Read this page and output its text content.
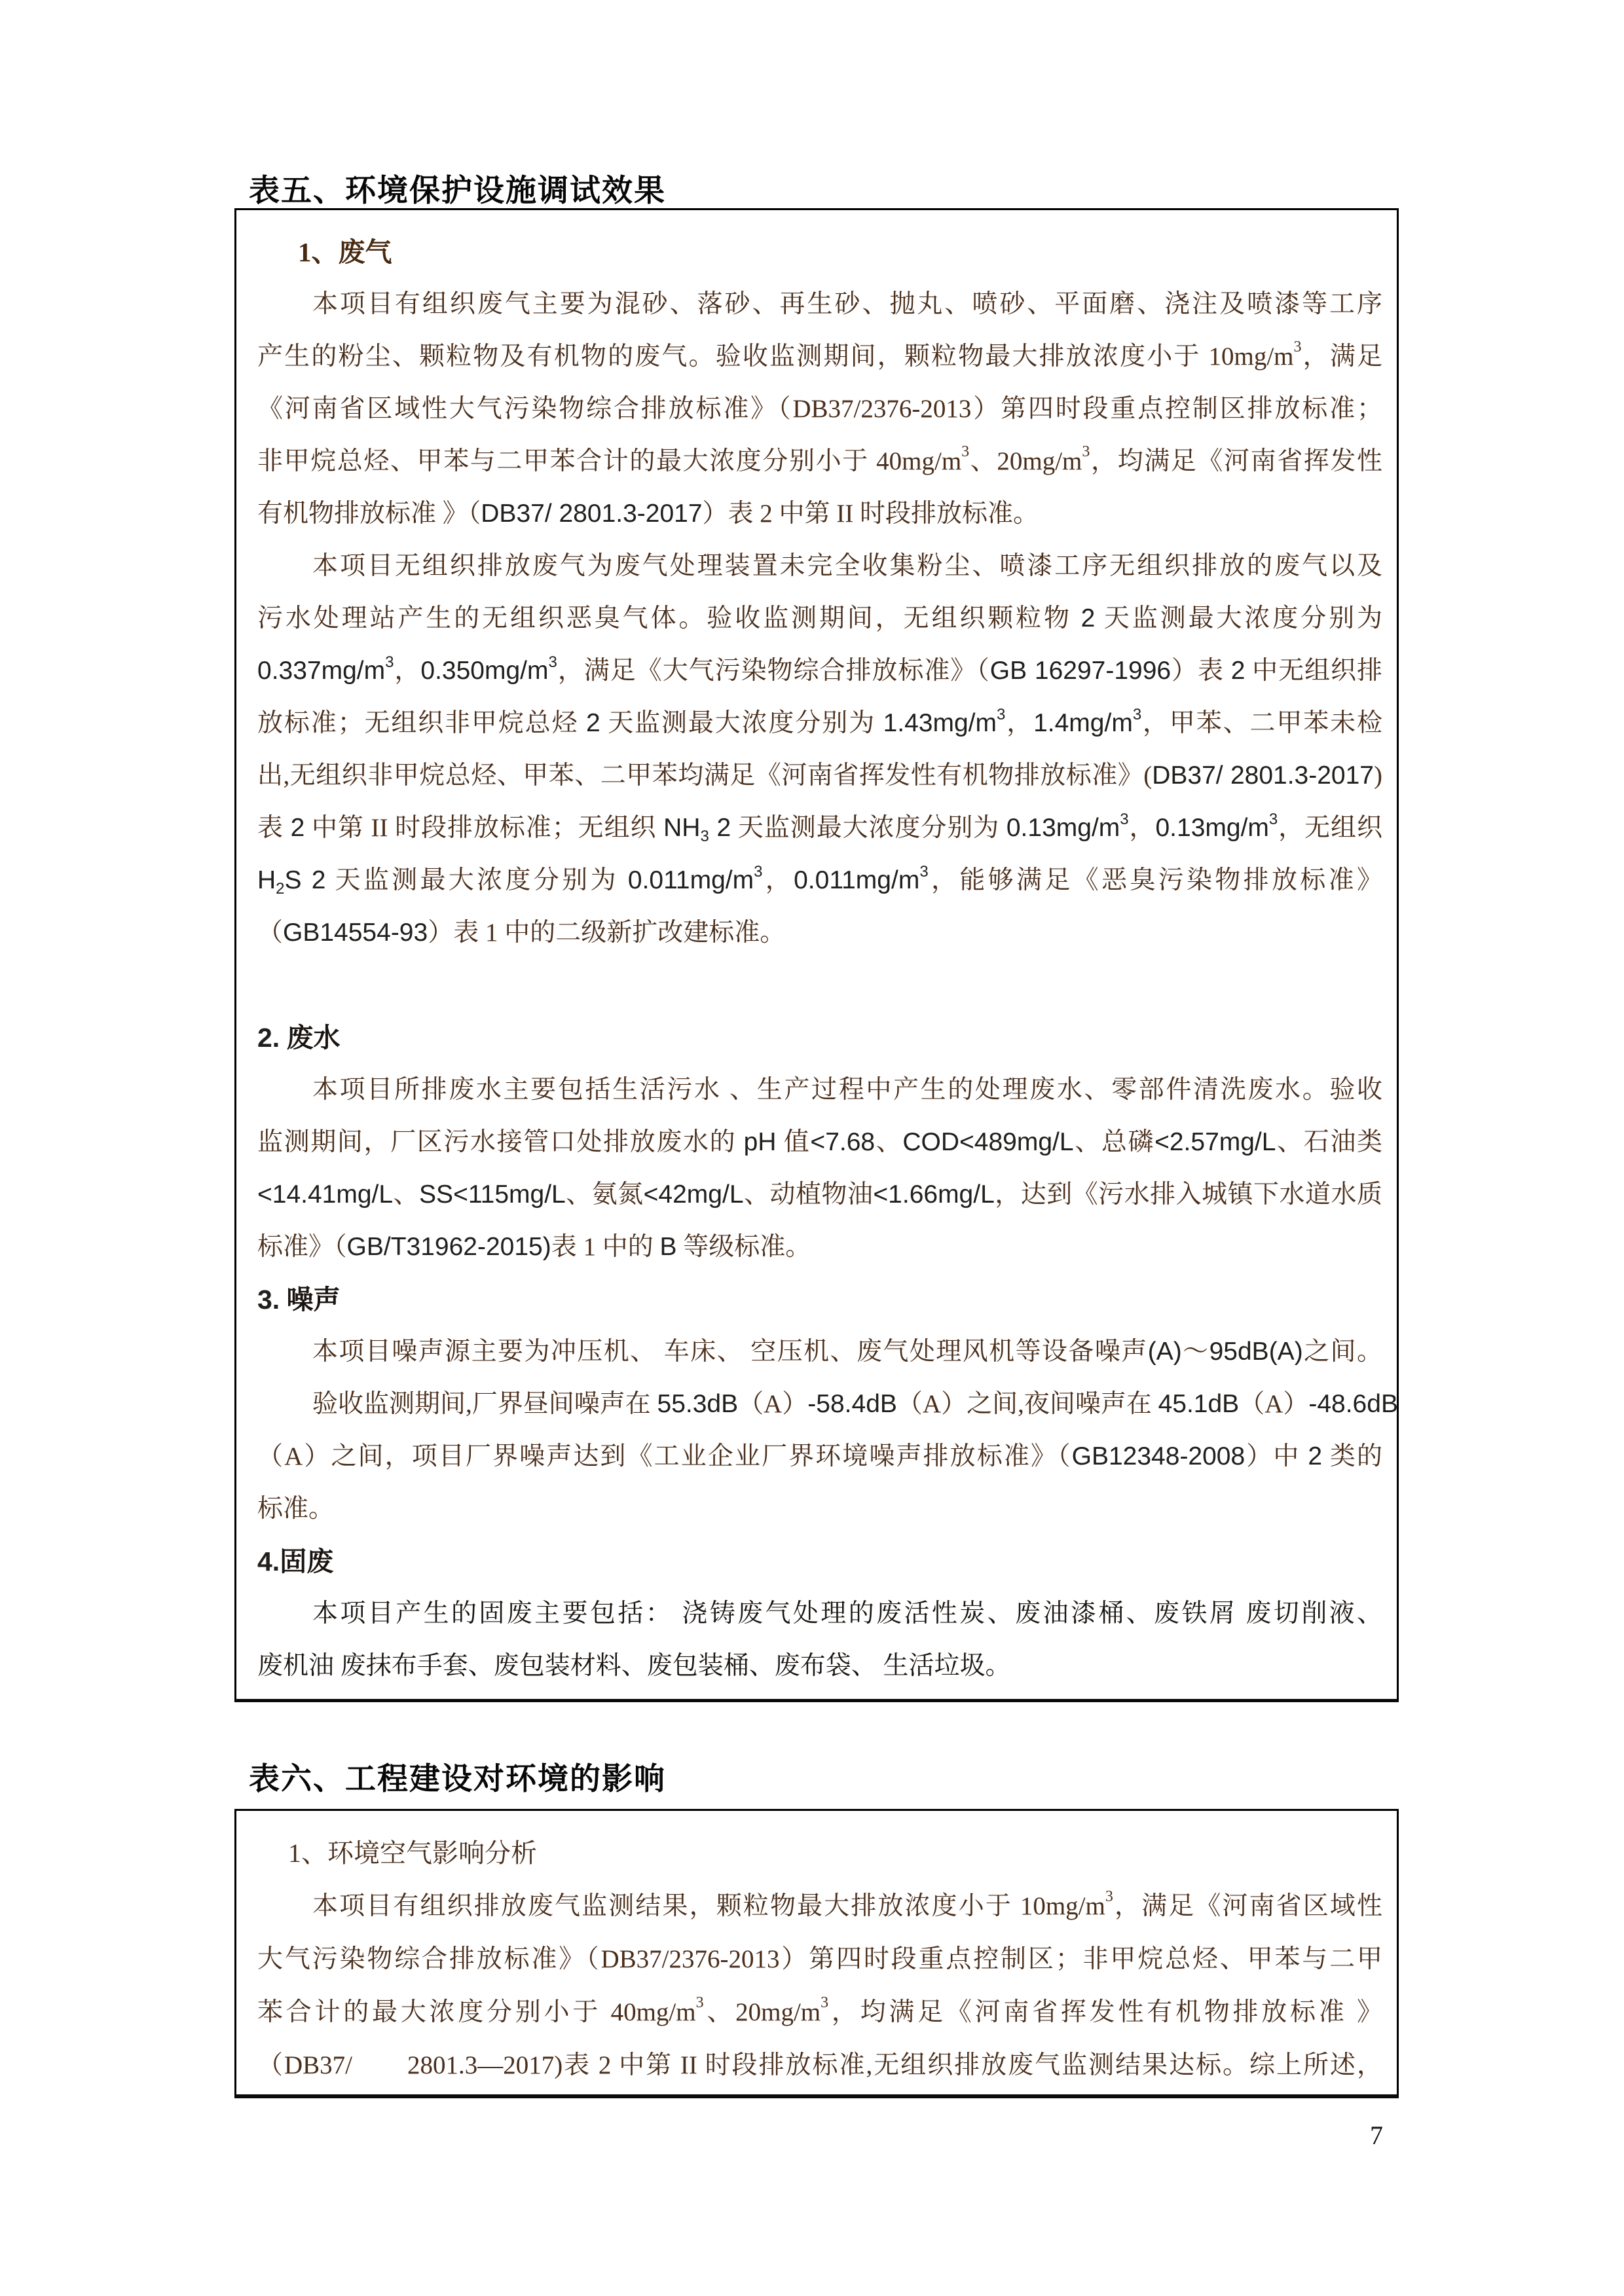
表五、环境保护设施调试效果
1、废气
本项目有组织废气主要为混砂、落砂、再生砂、抛丸、喷砂、平面磨、浇注及喷漆等工序
产生的粉尘、颗粒物及有机物的废气。验收监测期间，颗粒物最大排放浓度小于 $10mg/m^3$，满足
《河南省区域性大气污染物综合排放标准》（DB37/2376-2013）第四时段重点控制区排放标准；
非甲烷总烃、甲苯与二甲苯合计的最大浓度分别小于 $40mg/m^3$、$20mg/m^3$，均满足《河南省挥发性
有机物排放标准 》（DB37/ 2801.3-2017）表 2 中第 II 时段排放标准。
本项目无组织排放废气为废气处理装置未完全收集粉尘、喷漆工序无组织排放的废气以及
污水处理站产生的无组织恶臭气体。验收监测期间，无组织颗粒物 2 天监测最大浓度分别为
$0.337mg/m^3$，$0.350mg/m^3$，满足《大气污染物综合排放标准》（GB 16297-1996）表 2 中无组织排
放标准；无组织非甲烷总烃 2 天监测最大浓度分别为 $1.43mg/m^3$，$1.4mg/m^3$，甲苯、二甲苯未检
出,无组织非甲烷总烃、甲苯、二甲苯均满足《河南省挥发性有机物排放标准》(DB37/ 2801.3-2017)
表 2 中第 II 时段排放标准；无组织 $NH_3$ 2 天监测最大浓度分别为 $0.13mg/m^3$，$0.13mg/m^3$，无组织
$H_2S$ 2 天监测最大浓度分别为 $0.011mg/m^3$，$0.011mg/m^3$，能够满足《恶臭污染物排放标准》
（GB14554-93）表 1 中的二级新扩改建标准。
2. 废水
本项目所排废水主要包括生活污水 、生产过程中产生的处理废水、零部件清洗废水。验收
监测期间，厂区污水接管口处排放废水的 pH 值<7.68、COD<489mg/L、总磷<2.57mg/L、石油类
<14.41mg/L、SS<115mg/L、氨氮<42mg/L、动植物油<1.66mg/L，达到《污水排入城镇下水道水质
标准》（GB/T31962-2015)表 1 中的 B 等级标准。
3. 噪声
本项目噪声源主要为冲压机、 车床、 空压机、废气处理风机等设备噪声(A)～95dB(A)之间。
验收监测期间,厂界昼间噪声在 55.3dB（A）-58.4dB（A）之间,夜间噪声在 45.1dB（A）-48.6dB
（A）之间，项目厂界噪声达到《工业企业厂界环境噪声排放标准》（GB12348-2008）中 2 类的
标准。
4.固废
本项目产生的固废主要包括： 浇铸废气处理的废活性炭、废油漆桶、废铁屑 废切削液、
废机油 废抹布手套、废包装材料、废包装桶、废布袋、 生活垃圾。
表六、工程建设对环境的影响
1、环境空气影响分析
本项目有组织排放废气监测结果，颗粒物最大排放浓度小于 $10mg/m^3$，满足《河南省区域性
大气污染物综合排放标准》（DB37/2376-2013）第四时段重点控制区；非甲烷总烃、甲苯与二甲
苯合计的最大浓度分别小于 $40mg/m^3$、$20mg/m^3$，均满足《河南省挥发性有机物排放标准 》
（DB37/　　2801.3—2017)表 2 中第 II 时段排放标准,无组织排放废气监测结果达标。综上所述，
7
